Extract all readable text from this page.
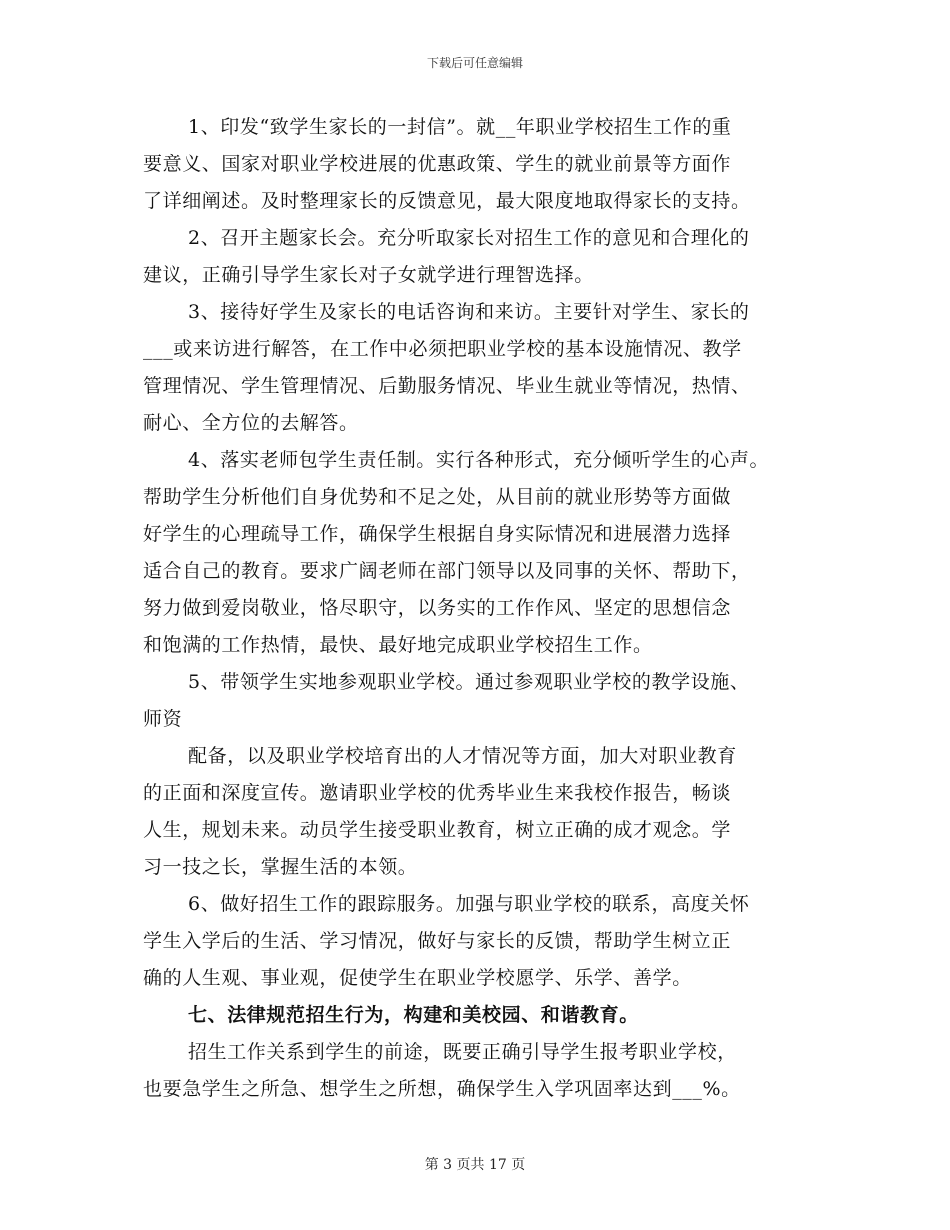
下载后可任意编辑
1、印发“致学生家长的一封信”。就__年职业学校招生工作的重
要意义、国家对职业学校进展的优惠政策、学生的就业前景等方面作
了详细阐述。及时整理家长的反馈意见，最大限度地取得家长的支持。
2、召开主题家长会。充分听取家长对招生工作的意见和合理化的
建议，正确引导学生家长对子女就学进行理智选择。
3、接待好学生及家长的电话咨询和来访。主要针对学生、家长的
___或来访进行解答，在工作中必须把职业学校的基本设施情况、教学
管理情况、学生管理情况、后勤服务情况、毕业生就业等情况，热情、
耐心、全方位的去解答。
4、落实老师包学生责任制。实行各种形式，充分倾听学生的心声。
帮助学生分析他们自身优势和不足之处，从目前的就业形势等方面做
好学生的心理疏导工作，确保学生根据自身实际情况和进展潜力选择
适合自己的教育。要求广阔老师在部门领导以及同事的关怀、帮助下，
努力做到爱岗敬业，恪尽职守，以务实的工作作风、坚定的思想信念
和饱满的工作热情，最快、最好地完成职业学校招生工作。
5、带领学生实地参观职业学校。通过参观职业学校的教学设施、
师资
配备，以及职业学校培育出的人才情况等方面，加大对职业教育
的正面和深度宣传。邀请职业学校的优秀毕业生来我校作报告，畅谈
人生，规划未来。动员学生接受职业教育，树立正确的成才观念。学
习一技之长，掌握生活的本领。
6、做好招生工作的跟踪服务。加强与职业学校的联系，高度关怀
学生入学后的生活、学习情况，做好与家长的反馈，帮助学生树立正
确的人生观、事业观，促使学生在职业学校愿学、乐学、善学。
七、法律规范招生行为，构建和美校园、和谐教育。
招生工作关系到学生的前途，既要正确引导学生报考职业学校，
也要急学生之所急、想学生之所想，确保学生入学巩固率达到___%。
第 3 页共 17 页
